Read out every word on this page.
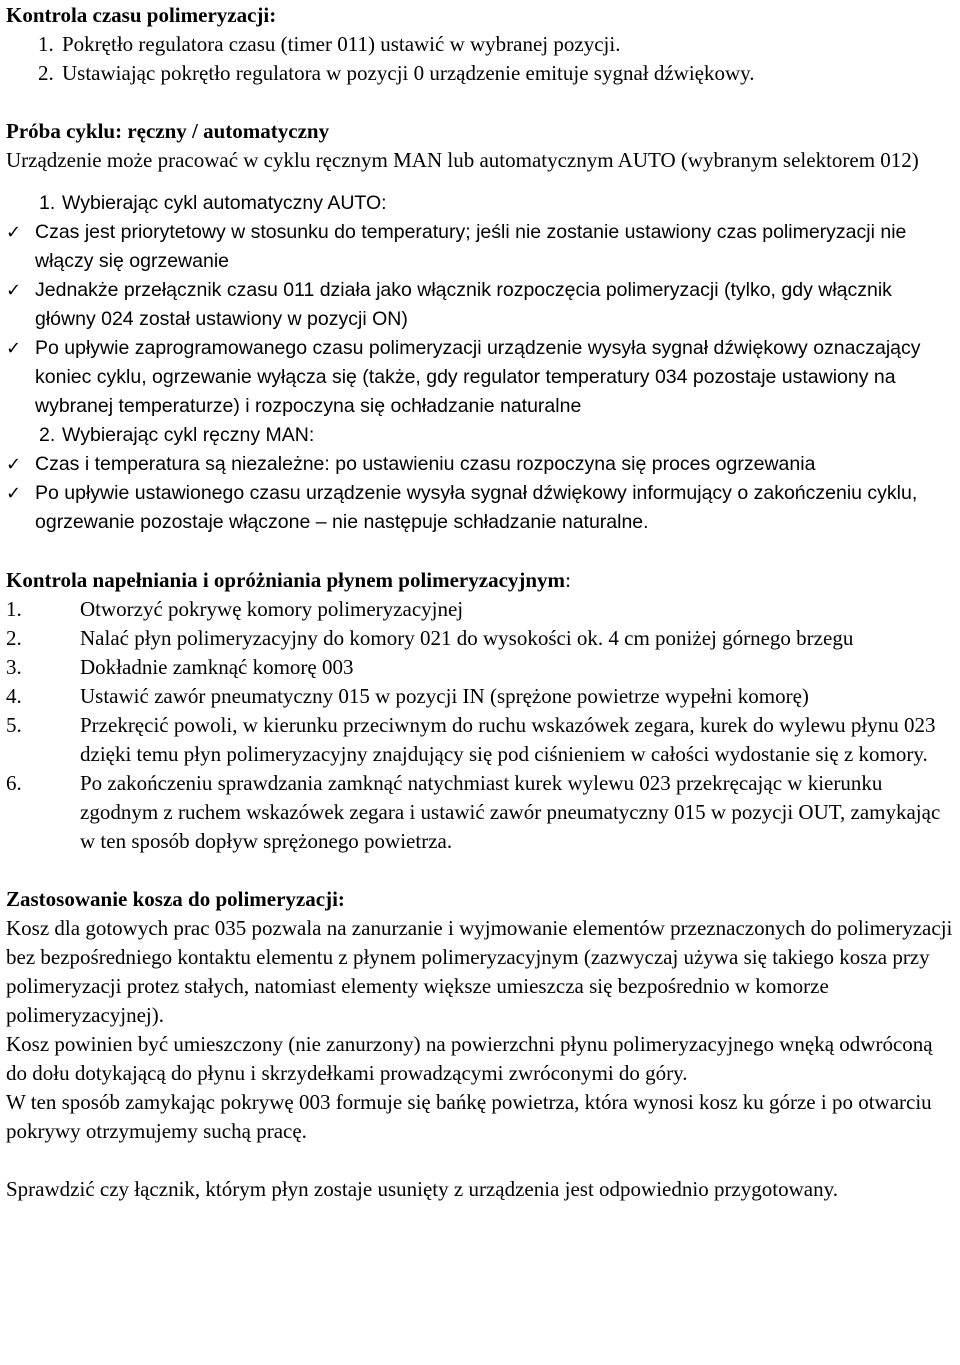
Kontrola czasu polimeryzacji:
1. Pokrętło regulatora czasu (timer 011) ustawić w wybranej pozycji.
2. Ustawiając pokrętło regulatora w pozycji 0 urządzenie emituje sygnał dźwiękowy.
Próba cyklu: ręczny / automatyczny
Urządzenie może pracować w cyklu ręcznym MAN lub automatycznym AUTO (wybranym selektorem 012)
1. Wybierając cykl automatyczny AUTO:
✓ Czas jest priorytetowy w stosunku do temperatury; jeśli nie zostanie ustawiony czas polimeryzacji nie włączy się ogrzewanie
✓ Jednakże przełącznik czasu 011 działa jako włącznik rozpoczęcia polimeryzacji (tylko, gdy włącznik główny 024 został ustawiony w pozycji ON)
✓ Po upływie zaprogramowanego czasu polimeryzacji urządzenie wysyła sygnał dźwiękowy oznaczający koniec cyklu, ogrzewanie wyłącza się (także, gdy regulator temperatury 034 pozostaje ustawiony na wybranej temperaturze) i rozpoczyna się ochładzanie naturalne
2. Wybierając cykl ręczny MAN:
✓ Czas i temperatura są niezależne: po ustawieniu czasu rozpoczyna się proces ogrzewania
✓ Po upływie ustawionego czasu urządzenie wysyła sygnał dźwiękowy informujący o zakończeniu cyklu, ogrzewanie pozostaje włączone – nie następuje schładzanie naturalne.
Kontrola napełniania i opróżniania płynem polimeryzacyjnym:
1.	Otworzyć pokrywę komory polimeryzacyjnej
2.	Nalać płyn polimeryzacyjny do komory 021 do wysokości ok. 4 cm poniżej górnego brzegu
3.	Dokładnie zamknąć komorę 003
4.	Ustawić zawór pneumatyczny 015 w pozycji IN (sprężone powietrze wypełni komorę)
5.	Przekręcić powoli, w kierunku przeciwnym do ruchu wskazówek zegara, kurek do wylewu płynu 023 dzięki temu płyn polimeryzacyjny znajdujący się pod ciśnieniem w całości wydostanie się z komory.
6.	Po zakończeniu sprawdzania zamknąć natychmiast kurek wylewu 023 przekręcając w kierunku zgodnym z ruchem wskazówek zegara i ustawić zawór pneumatyczny 015 w pozycji OUT, zamykając w ten sposób dopływ sprężonego powietrza.
Zastosowanie kosza do polimeryzacji:
Kosz dla gotowych prac 035 pozwala na zanurzanie i wyjmowanie elementów przeznaczonych do polimeryzacji bez bezpośredniego kontaktu elementu z płynem polimeryzacyjnym (zazwyczaj używa się takiego kosza przy polimeryzacji protez stałych, natomiast elementy większe umieszcza się bezpośrednio w komorze polimeryzacyjnej).
Kosz powinien być umieszczony (nie zanurzony) na powierzchni płynu polimeryzacyjnego wnęką odwróconą do dołu dotykającą do płynu i skrzydełkami prowadzącymi zwróconymi do góry.
W ten sposób zamykając pokrywę 003 formuje się bańkę powietrza, która wynosi kosz ku górze i po otwarciu pokrywy otrzymujemy suchą pracę.
Sprawdzić czy łącznik, którym płyn zostaje usunięty z urządzenia jest odpowiednio przygotowany.
